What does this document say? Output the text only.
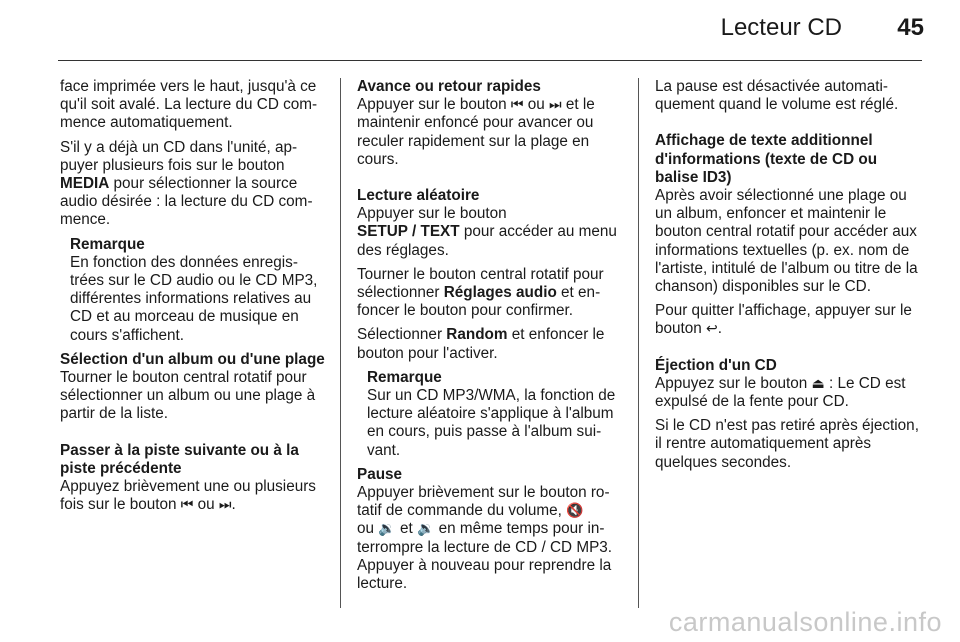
Lecteur CD 45

face imprimée vers le haut, jusqu'à ce qu'il soit avalé. La lecture du CD commence automatiquement.

S'il y a déjà un CD dans l'unité, appuyer plusieurs fois sur le bouton
MEDIA pour sélectionner la source audio désirée : la lecture du CD commence.

Remarque
En fonction des données enregistrées sur le CD audio ou le CD MP3, différentes informations relatives au CD et au morceau de musique en cours s'affichent.

Sélection d'un album ou d'une plage

Tourner le bouton central rotatif pour sélectionner un album ou une plage à partir de la liste.

Passer à la piste suivante ou à la piste précédente

Appuyez brièvement une ou plusieurs fois sur le bouton ⏮ ou ⏭.

Avance ou retour rapides

Appuyer sur le bouton ⏮ ou ⏭ et le maintenir enfoncé pour avancer ou reculer rapidement sur la plage en cours.

Lecture aléatoire

Appuyer sur le bouton
SETUP / TEXT pour accéder au menu des réglages.

Tourner le bouton central rotatif pour sélectionner Réglages audio et enfoncer le bouton pour confirmer.

Sélectionner Random et enfoncer le bouton pour l'activer.

Remarque
Sur un CD MP3/WMA, la fonction de lecture aléatoire s'applique à l'album en cours, puis passe à l'album suivant.

Pause

Appuyer brièvement sur le bouton rotatif de commande du volume, 🔇
ou 🔉 et 🔉 en même temps pour interrompre la lecture de CD / CD MP3. Appuyer à nouveau pour reprendre la lecture.

La pause est désactivée automatiquement quand le volume est réglé.

Affichage de texte additionnel d'informations (texte de CD ou balise ID3)

Après avoir sélectionné une plage ou un album, enfoncer et maintenir le bouton central rotatif pour accéder aux informations textuelles (p. ex. nom de l'artiste, intitulé de l'album ou titre de la chanson) disponibles sur le CD.

Pour quitter l'affichage, appuyer sur le bouton ↩.

Éjection d'un CD

Appuyez sur le bouton ⏏ : Le CD est expulsé de la fente pour CD.

Si le CD n'est pas retiré après éjection, il rentre automatiquement après quelques secondes.

carmanualsonline.info
